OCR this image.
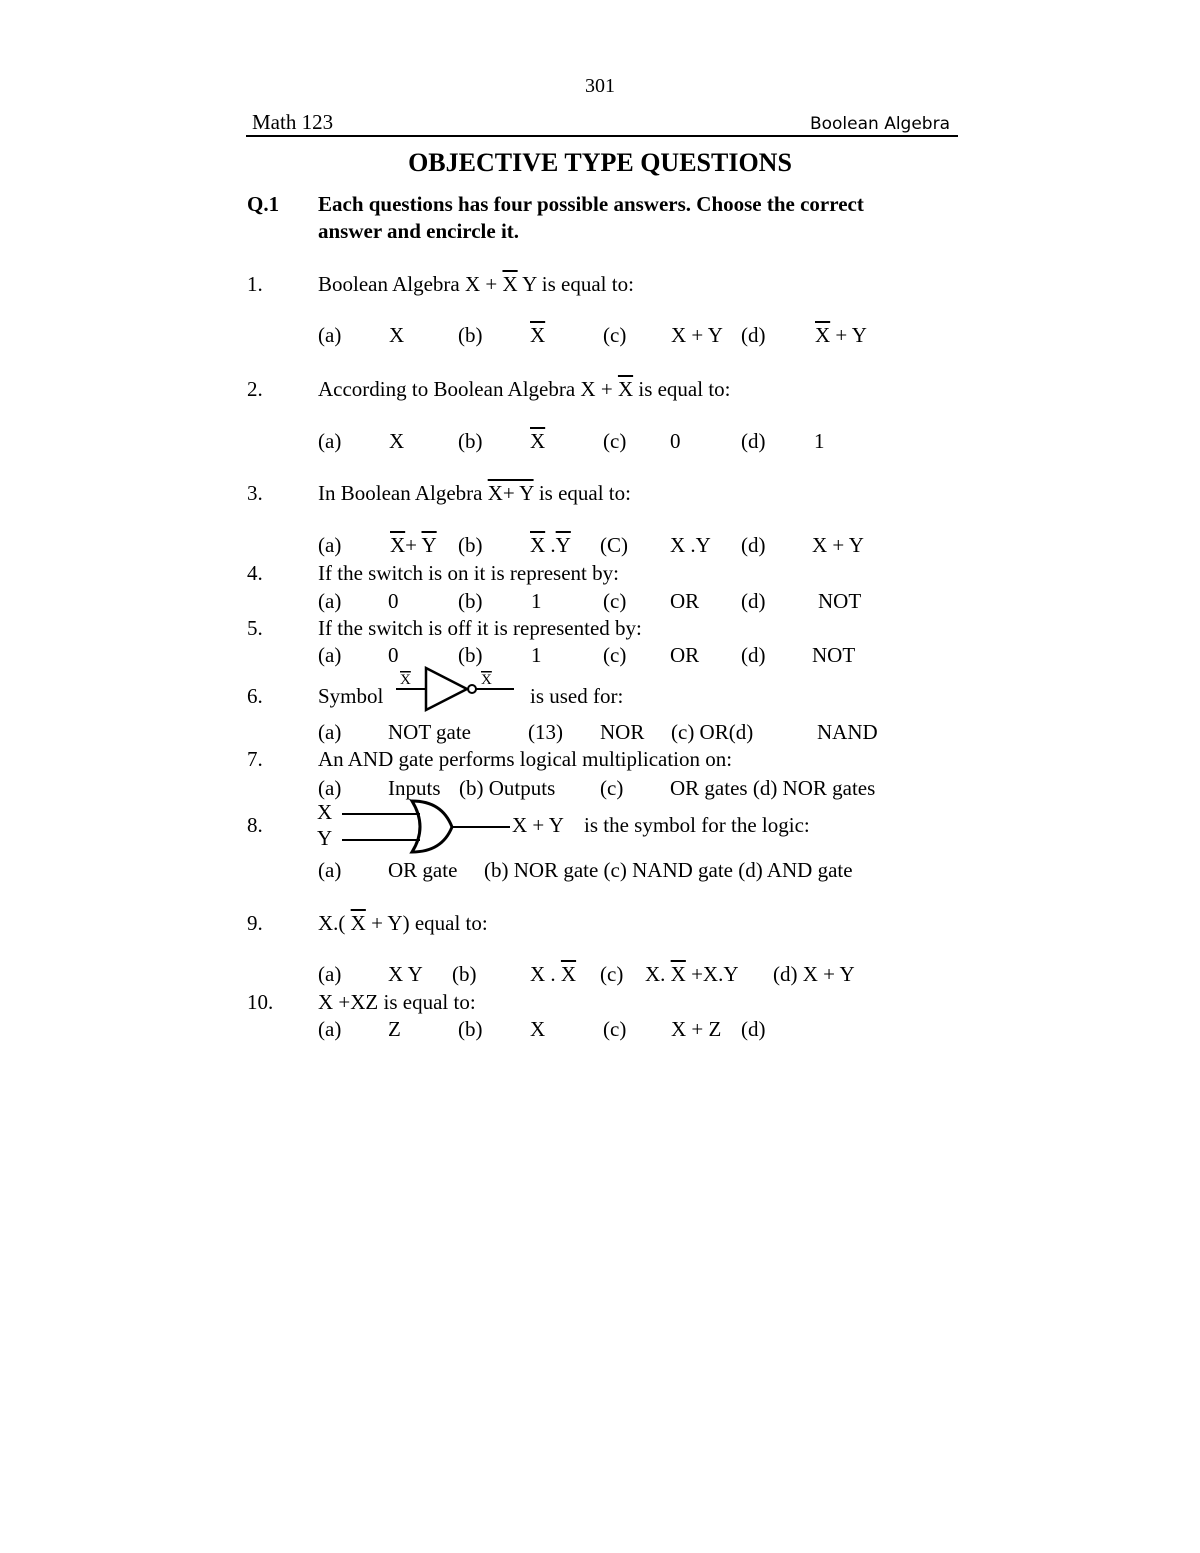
301
Math 123	Boolean Algebra
OBJECTIVE TYPE QUESTIONS
Q.1 Each questions has four possible answers. Choose the correct
answer and encircle it.
1.	Boolean Algebra $X + \overline{X}$ Y is equal to:
(a) X	(b) $\overline{X}$	(c) X + Y (d) $\overline{X} + Y$
2.	According to Boolean Algebra $X + \overline{X}$ is equal to:
(a) X	(b) $\overline{X}$	(c) 0	(d) 1
3.	In Boolean Algebra X+ Y is equal to:
(a) $\overline{X}+ \overline{Y}$ (b) $\overline{X}$ $.\overline{Y}$ (C) X .Y (d) X + Y
4.	If the switch is on it is represent by:
(a) 0	(b) 1	(c) OR (d)	NOT
5.	If the switch is off it is represented by:
(a) 0	(b) 1	(c) OR (d) NOT
6.	Symbol
X	X
is used for:
(a) NOT gate	(13) NOR (c) OR(d)	NAND
7.	An AND gate performs logical multiplication on:
(a) Inputs (b) Outputs (c) OR gates (d) NOR gates
8.
X
Y
X + Y is the symbol for the logic:
(a) OR gate (b) NOR gate (c) NAND gate (d) AND gate
9.	X.( $\overline{X} + Y$) equal to:
(a) X Y (b)	X . $\overline{X}$ (c) X. $\overline{X} +X.Y$ (d) X + Y
10. X +XZ is equal to:
(a) Z	(b) X	(c) X + Z (d)
